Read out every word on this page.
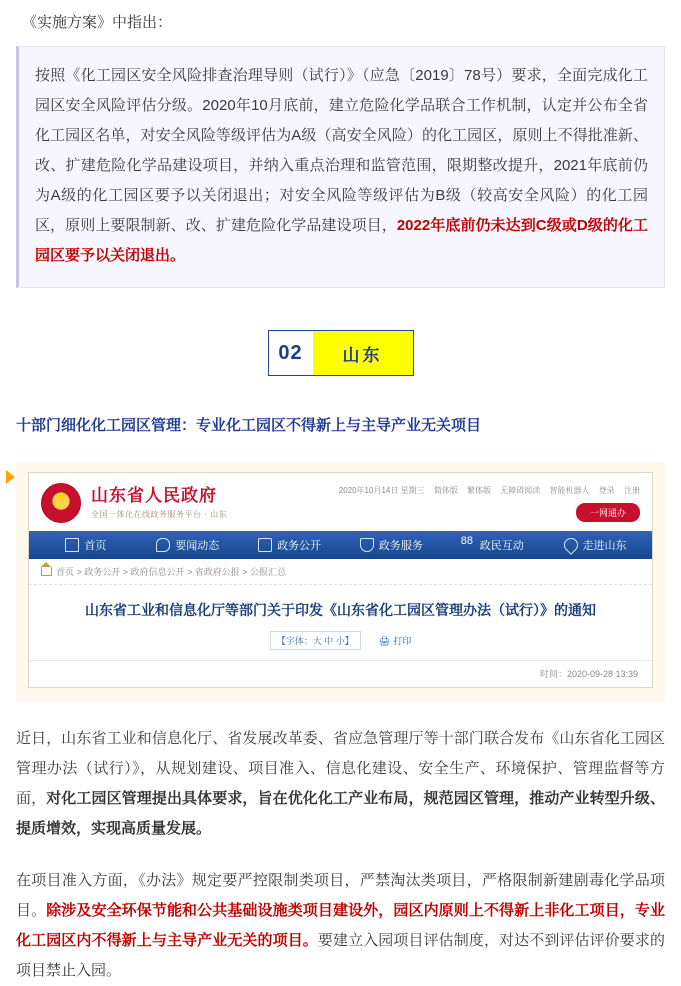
《实施方案》中指出：

按照《化工园区安全风险排查治理导则（试行）》（应急〔2019〕78号）要求，全面完成化工园区安全风险评估分级。2020年10月底前，建立危险化学品联合工作机制，认定并公布全省化工园区名单，对安全风险等级评估为A级（高安全风险）的化工园区，原则上不得批准新、改、扩建危险化学品建设项目，并纳入重点治理和监管范围，限期整改提升，2021年底前仍为A级的化工园区要予以关闭退出；对安全风险等级评估为B级（较高安全风险）的化工园区，原则上要限制新、改、扩建危险化学品建设项目，2022年底前仍未达到C级或D级的化工园区要予以关闭退出。

02	山东
十部门细化化工园区管理：专业化工园区不得新上与主导产业无关项目
★
山东省人民政府
全国一体化在线政务服务平台 · 山东
2020年10月14日 星期三 简体版 繁体版 无障碍阅读 智能机器人 登录 注册
一网通办
首页	要闻动态	政务公开	政务服务 88	政民互动	走进山东
首页 > 政务公开 > 政府信息公开 > 省政府公报 > 公报汇总
山东省工业和信息化厅等部门关于印发《山东省化工园区管理办法（试行）》的通知
【字体：大 中 小】	🖨 打印
时间：2020-09-28 13:39
近日，山东省工业和信息化厅、省发展改革委、省应急管理厅等十部门联合发布《山东省化工园区管理办法（试行）》，从规划建设、项目准入、信息化建设、安全生产、环境保护、管理监督等方面，对化工园区管理提出具体要求，旨在优化化工产业布局，规范园区管理，推动产业转型升级、提质增效，实现高质量发展。
在项目准入方面，《办法》规定要严控限制类项目，严禁淘汰类项目，严格限制新建剧毒化学品项目。除涉及安全环保节能和公共基础设施类项目建设外，园区内原则上不得新上非化工项目，专业化工园区内不得新上与主导产业无关的项目。要建立入园项目评估制度，对达不到评估评价要求的项目禁止入园。
